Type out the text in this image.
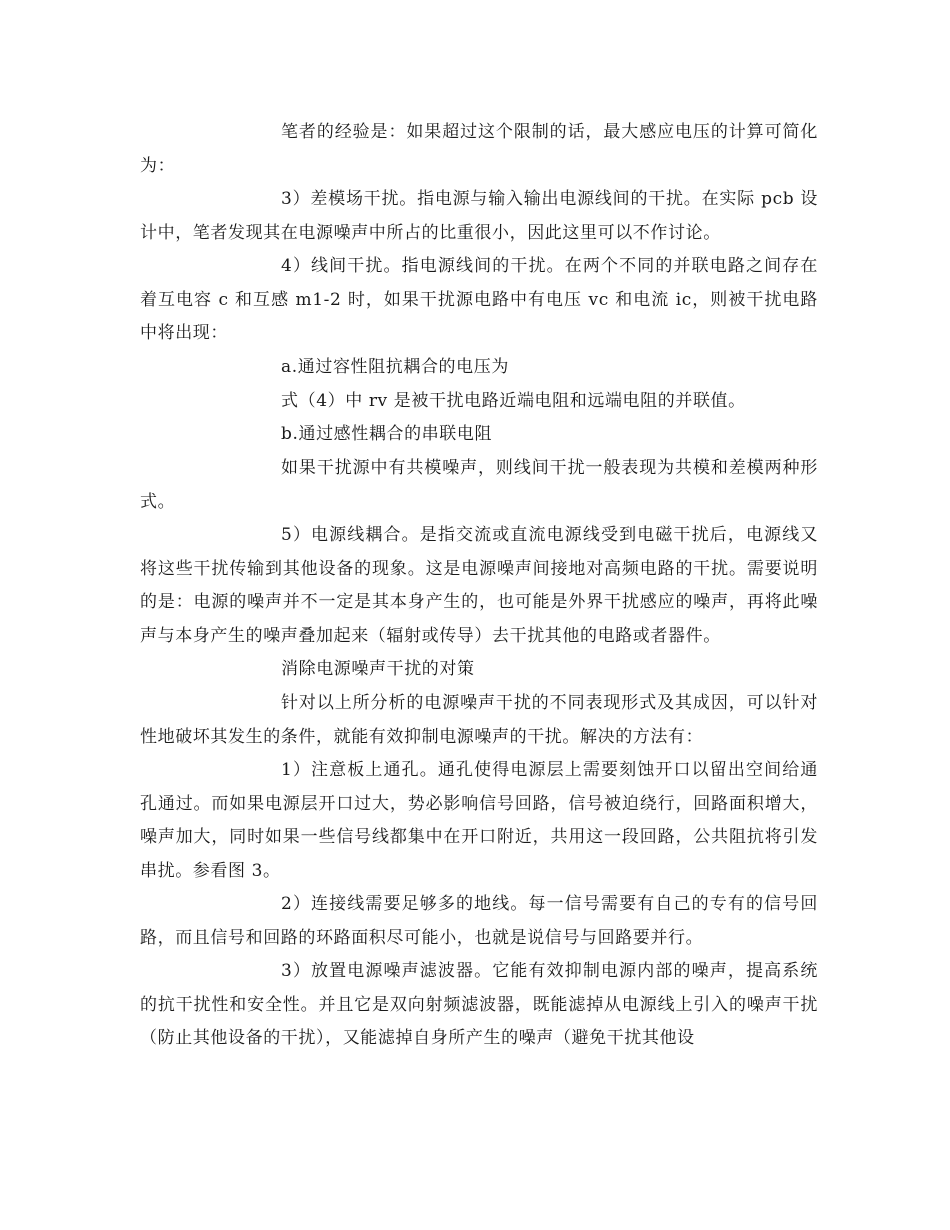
笔者的经验是：如果超过这个限制的话，最大感应电压的计算可简化为：

3）差模场干扰。指电源与输入输出电源线间的干扰。在实际 pcb 设计中，笔者发现其在电源噪声中所占的比重很小，因此这里可以不作讨论。

4）线间干扰。指电源线间的干扰。在两个不同的并联电路之间存在着互电容 c 和互感 m1-2 时，如果干扰源电路中有电压 vc 和电流 ic，则被干扰电路中将出现：

a.通过容性阻抗耦合的电压为

式（4）中 rv 是被干扰电路近端电阻和远端电阻的并联值。

b.通过感性耦合的串联电阻

如果干扰源中有共模噪声，则线间干扰一般表现为共模和差模两种形式。

5）电源线耦合。是指交流或直流电源线受到电磁干扰后，电源线又将这些干扰传输到其他设备的现象。这是电源噪声间接地对高频电路的干扰。需要说明的是：电源的噪声并不一定是其本身产生的，也可能是外界干扰感应的噪声，再将此噪声与本身产生的噪声叠加起来（辐射或传导）去干扰其他的电路或者器件。

消除电源噪声干扰的对策

针对以上所分析的电源噪声干扰的不同表现形式及其成因，可以针对性地破坏其发生的条件，就能有效抑制电源噪声的干扰。解决的方法有：

1）注意板上通孔。通孔使得电源层上需要刻蚀开口以留出空间给通孔通过。而如果电源层开口过大，势必影响信号回路，信号被迫绕行，回路面积增大，噪声加大，同时如果一些信号线都集中在开口附近，共用这一段回路，公共阻抗将引发串扰。参看图 3。

2）连接线需要足够多的地线。每一信号需要有自己的专有的信号回路，而且信号和回路的环路面积尽可能小，也就是说信号与回路要并行。

3）放置电源噪声滤波器。它能有效抑制电源内部的噪声，提高系统的抗干扰性和安全性。并且它是双向射频滤波器，既能滤掉从电源线上引入的噪声干扰（防止其他设备的干扰），又能滤掉自身所产生的噪声（避免干扰其他设
